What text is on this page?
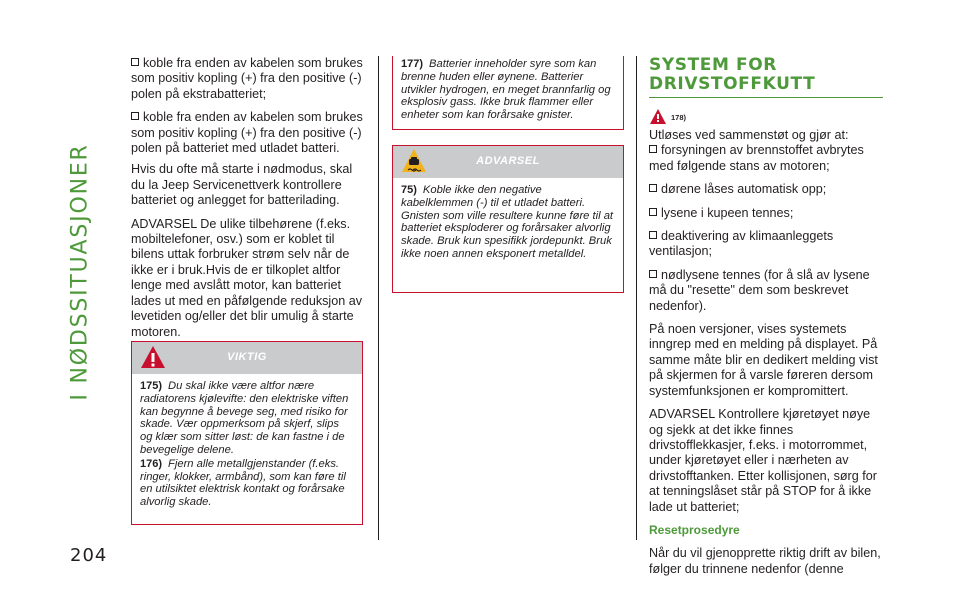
I NØDSSITUASJONER
204

koble fra enden av kabelen som brukes som positiv kopling (+) fra den positive (-) polen på ekstrabatteriet;

koble fra enden av kabelen som brukes som positiv kopling (+) fra den positive (-) polen på batteriet med utladet batteri.

Hvis du ofte må starte i nødmodus, skal du la Jeep Servicenettverk kontrollere batteriet og anlegget for batterilading.

ADVARSEL De ulike tilbehørene (f.eks. mobiltelefoner, osv.) som er koblet til bilens uttak forbruker strøm selv når de ikke er i bruk.Hvis de er tilkoplet altfor lenge med avslått motor, kan batteriet lades ut med en påfølgende reduksjon av levetiden og/eller det blir umulig å starte motoren.

VIKTIG

175) Du skal ikke være altfor nære radiatorens kjølevifte: den elektriske viften kan begynne å bevege seg, med risiko for skade. Vær oppmerksom på skjerf, slips og klær som sitter løst: de kan fastne i de bevegelige delene.

176) Fjern alle metallgjenstander (f.eks. ringer, klokker, armbånd), som kan føre til en utilsiktet elektrisk kontakt og forårsake alvorlig skade.

177) Batterier inneholder syre som kan brenne huden eller øynene. Batterier utvikler hydrogen, en meget brannfarlig og eksplosiv gass. Ikke bruk flammer eller enheter som kan forårsake gnister.

ADVARSEL

75) Koble ikke den negative kabelklemmen (-) til et utladet batteri. Gnisten som ville resultere kunne føre til at batteriet eksploderer og forårsaker alvorlig skade. Bruk kun spesifikk jordepunkt. Bruk ikke noen annen eksponert metalldel.

SYSTEM FOR
DRIVSTOFFKUTT
178)

Utløses ved sammenstøt og gjør at:

forsyningen av brennstoffet avbrytes med følgende stans av motoren;

dørene låses automatisk opp;

lysene i kupeen tennes;

deaktivering av klimaanleggets ventilasjon;

nødlysene tennes (for å slå av lysene må du "resette" dem som beskrevet nedenfor).

På noen versjoner, vises systemets inngrep med en melding på displayet. På samme måte blir en dedikert melding vist på skjermen for å varsle føreren dersom systemfunksjonen er kompromittert.

ADVARSEL Kontrollere kjøretøyet nøye og sjekk at det ikke finnes drivstofflekkasjer, f.eks. i motorrommet, under kjøretøyet eller i nærheten av drivstofftanken. Etter kollisjonen, sørg for at tenningslåset står på STOP for å ikke lade ut batteriet;

Resetprosedyre

Når du vil gjenopprette riktig drift av bilen, følger du trinnene nedenfor (denne
